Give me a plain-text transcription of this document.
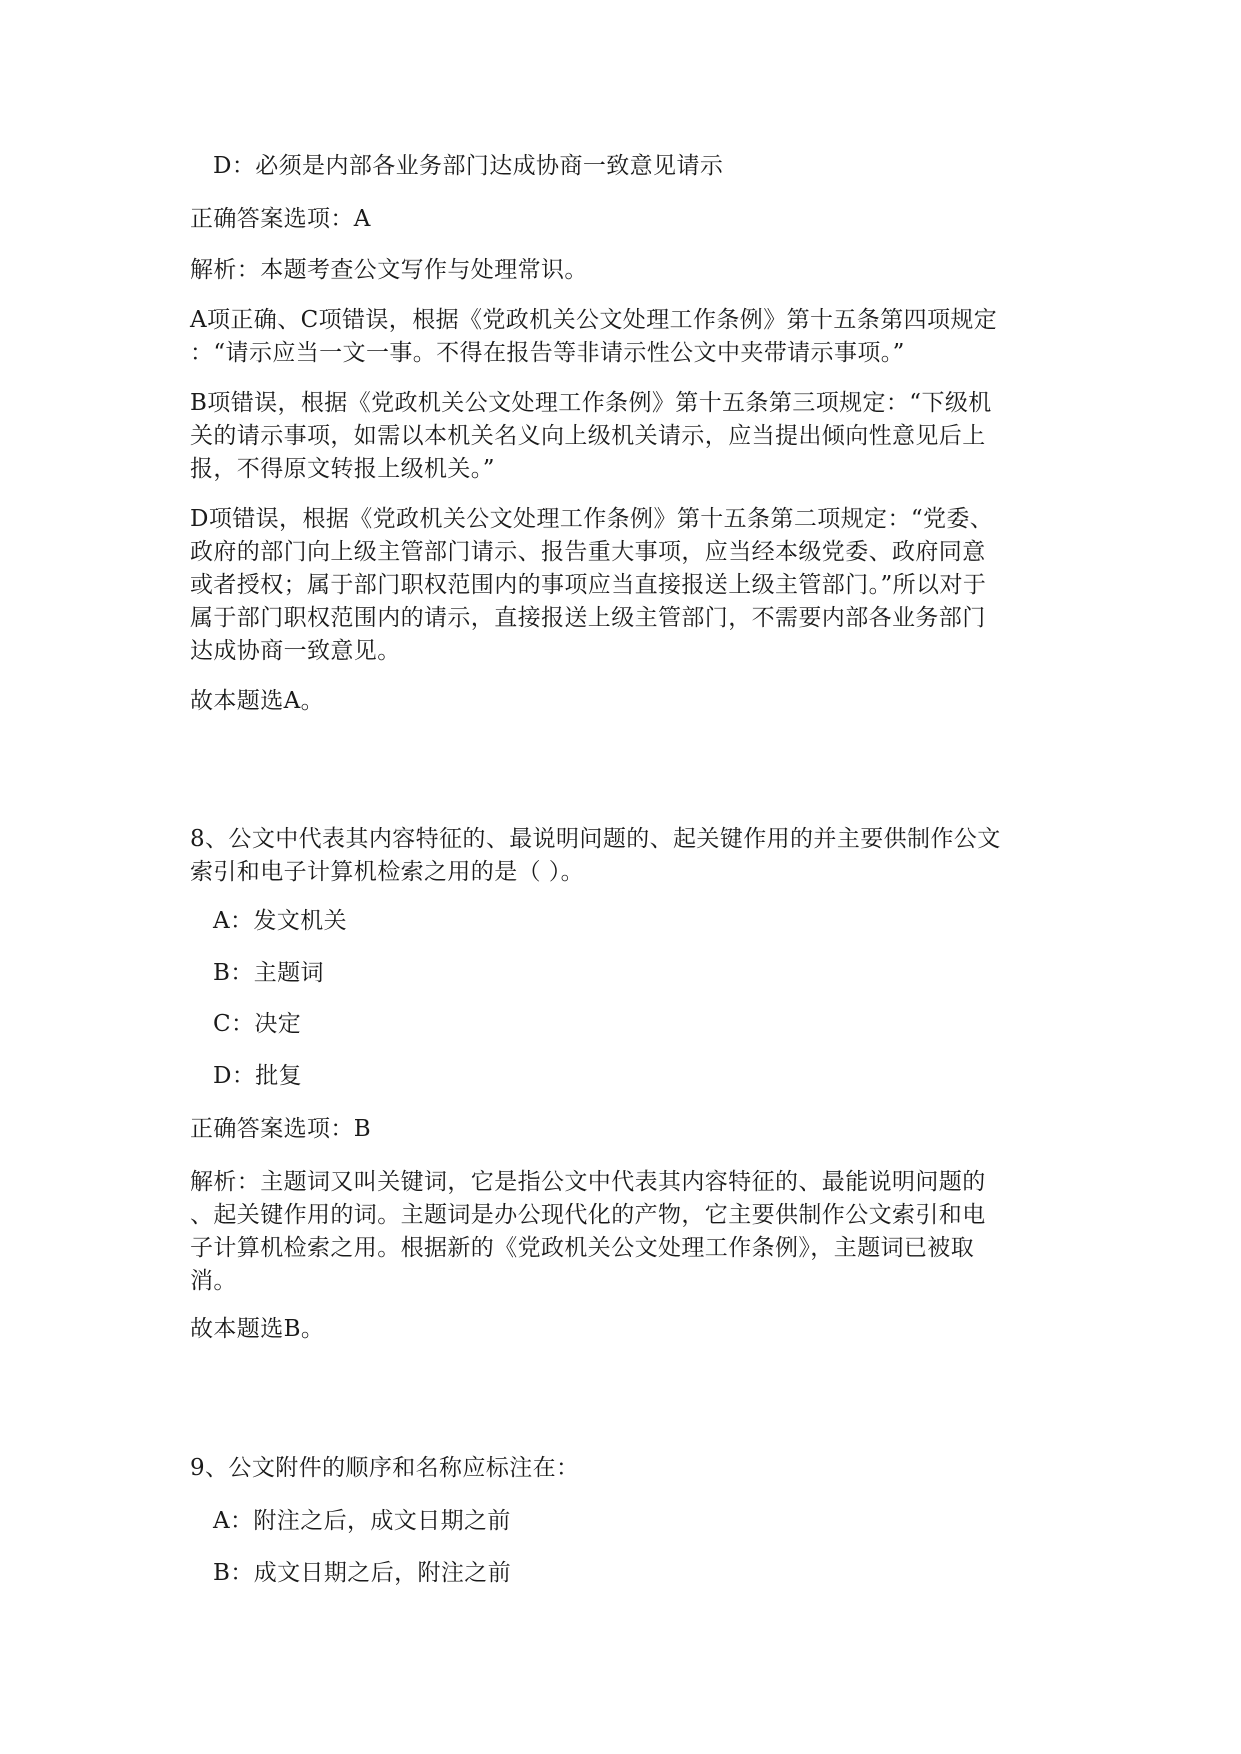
D：必须是内部各业务部门达成协商一致意见请示
正确答案选项：A
解析：本题考查公文写作与处理常识。
A项正确、C项错误，根据《党政机关公文处理工作条例》第十五条第四项规定
：“请示应当一文一事。不得在报告等非请示性公文中夹带请示事项。”
B项错误，根据《党政机关公文处理工作条例》第十五条第三项规定：“下级机
关的请示事项，如需以本机关名义向上级机关请示，应当提出倾向性意见后上
报，不得原文转报上级机关。”
D项错误，根据《党政机关公文处理工作条例》第十五条第二项规定：“党委、
政府的部门向上级主管部门请示、报告重大事项，应当经本级党委、政府同意
或者授权；属于部门职权范围内的事项应当直接报送上级主管部门。”所以对于
属于部门职权范围内的请示，直接报送上级主管部门，不需要内部各业务部门
达成协商一致意见。
故本题选A。
8、公文中代表其内容特征的、最说明问题的、起关键作用的并主要供制作公文
索引和电子计算机检索之用的是（ ）。
A：发文机关
B：主题词
C：决定
D：批复
正确答案选项：B
解析：主题词又叫关键词，它是指公文中代表其内容特征的、最能说明问题的
、起关键作用的词。主题词是办公现代化的产物，它主要供制作公文索引和电
子计算机检索之用。根据新的《党政机关公文处理工作条例》，主题词已被取
消。
故本题选B。
9、公文附件的顺序和名称应标注在：
A：附注之后，成文日期之前
B：成文日期之后，附注之前
